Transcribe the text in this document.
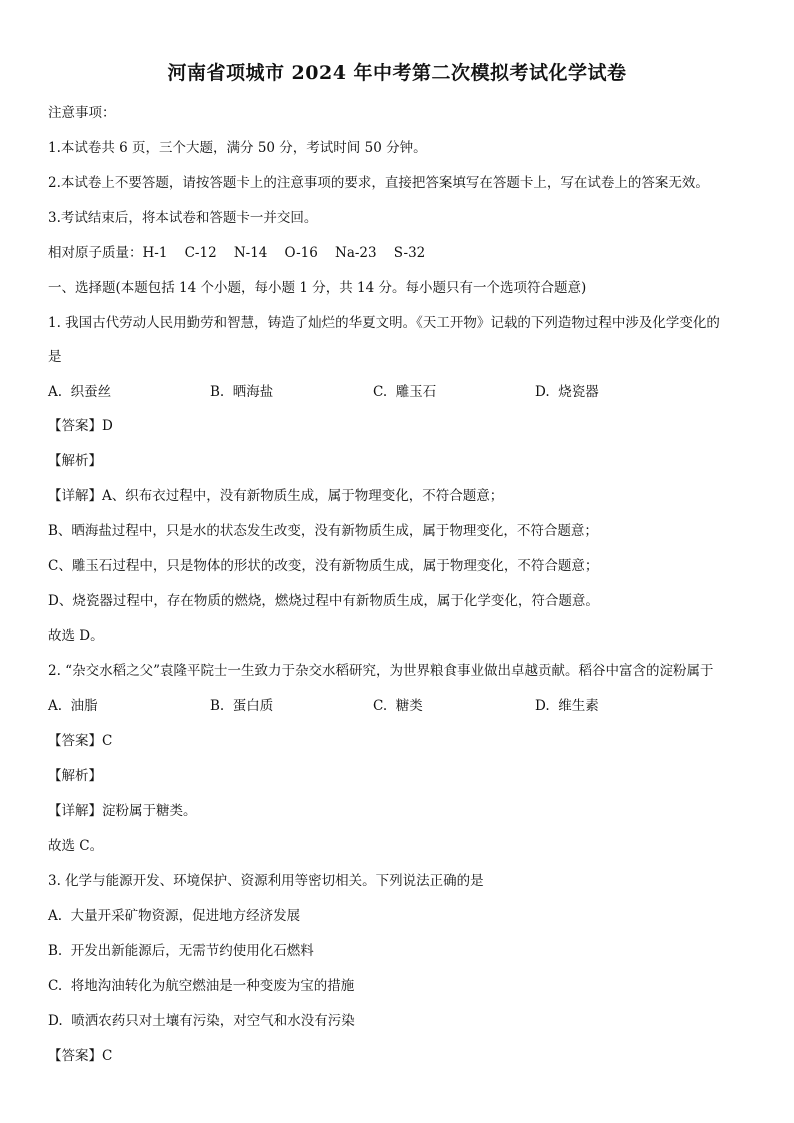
河南省项城市 2024 年中考第二次模拟考试化学试卷
注意事项：
1.本试卷共 6 页，三个大题，满分 50 分，考试时间 50 分钟。
2.本试卷上不要答题，请按答题卡上的注意事项的要求，直接把答案填写在答题卡上，写在试卷上的答案无效。
3.考试结束后，将本试卷和答题卡一并交回。
相对原子质量：H-1    C-12    N-14    O-16    Na-23    S-32
一、选择题(本题包括 14 个小题，每小题 1 分，共 14 分。每小题只有一个选项符合题意)
1. 我国古代劳动人民用勤劳和智慧，铸造了灿烂的华夏文明。《天工开物》记载的下列造物过程中涉及化学变化的
是
A.  织蚕丝	B.  晒海盐	C.  雕玉石	D.  烧瓷器
【答案】D
【解析】
【详解】A、织布衣过程中，没有新物质生成，属于物理变化，不符合题意；
B、晒海盐过程中，只是水的状态发生改变，没有新物质生成，属于物理变化，不符合题意；
C、雕玉石过程中，只是物体的形状的改变，没有新物质生成，属于物理变化，不符合题意；
D、烧瓷器过程中，存在物质的燃烧，燃烧过程中有新物质生成，属于化学变化，符合题意。
故选 D。
2. “杂交水稻之父”袁隆平院士一生致力于杂交水稻研究，为世界粮食事业做出卓越贡献。稻谷中富含的淀粉属于
A.  油脂	B.  蛋白质	C.  糖类	D.  维生素
【答案】C
【解析】
【详解】淀粉属于糖类。
故选 C。
3. 化学与能源开发、环境保护、资源利用等密切相关。下列说法正确的是
A.  大量开采矿物资源，促进地方经济发展
B.  开发出新能源后，无需节约使用化石燃料
C.  将地沟油转化为航空燃油是一种变废为宝的措施
D.  喷洒农药只对土壤有污染，对空气和水没有污染
【答案】C
